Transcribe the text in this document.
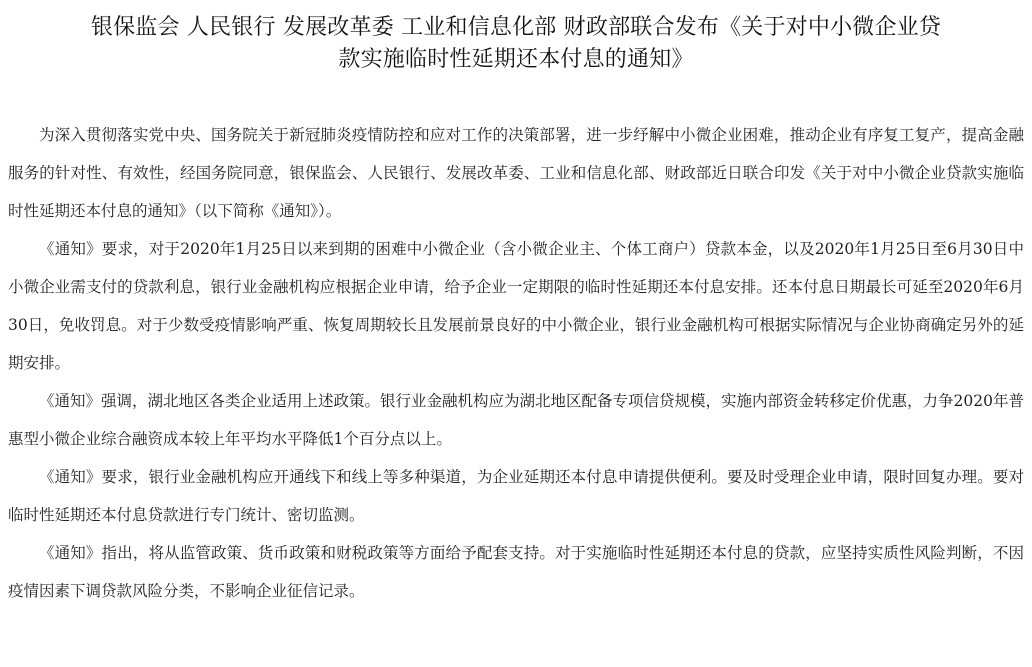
银保监会 人民银行 发展改革委 工业和信息化部 财政部联合发布《关于对中小微企业贷
款实施临时性延期还本付息的通知》

为深入贯彻落实党中央、国务院关于新冠肺炎疫情防控和应对工作的决策部署，进一步纾解中小微企业困难，推动企业有序复工复产，提高金融服务的针对性、有效性，经国务院同意，银保监会、人民银行、发展改革委、工业和信息化部、财政部近日联合印发《关于对中小微企业贷款实施临时性延期还本付息的通知》（以下简称《通知》）。

《通知》要求，对于2020年1月25日以来到期的困难中小微企业（含小微企业主、个体工商户）贷款本金，以及2020年1月25日至6月30日中小微企业需支付的贷款利息，银行业金融机构应根据企业申请，给予企业一定期限的临时性延期还本付息安排。还本付息日期最长可延至2020年6月30日，免收罚息。对于少数受疫情影响严重、恢复周期较长且发展前景良好的中小微企业，银行业金融机构可根据实际情况与企业协商确定另外的延期安排。

《通知》强调，湖北地区各类企业适用上述政策。银行业金融机构应为湖北地区配备专项信贷规模，实施内部资金转移定价优惠，力争2020年普惠型小微企业综合融资成本较上年平均水平降低1个百分点以上。

《通知》要求，银行业金融机构应开通线下和线上等多种渠道，为企业延期还本付息申请提供便利。要及时受理企业申请，限时回复办理。要对临时性延期还本付息贷款进行专门统计、密切监测。

《通知》指出，将从监管政策、货币政策和财税政策等方面给予配套支持。对于实施临时性延期还本付息的贷款，应坚持实质性风险判断，不因疫情因素下调贷款风险分类，不影响企业征信记录。
